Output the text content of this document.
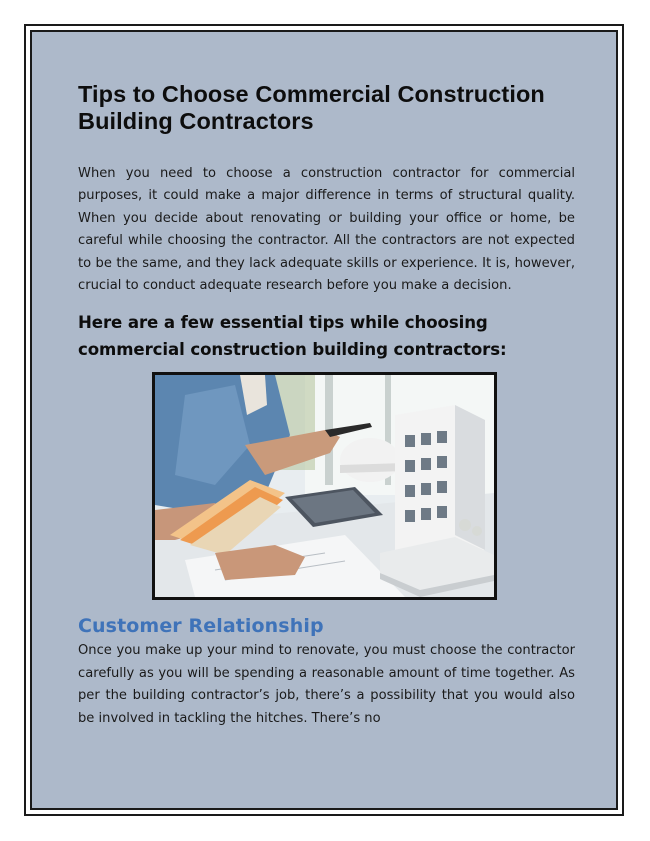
Tips to Choose Commercial Construction Building Contractors

When you need to choose a construction contractor for commercial purposes, it could make a major difference in terms of structural quality. When you decide about renovating or building your office or home, be careful while choosing the contractor. All the contractors are not expected to be the same, and they lack adequate skills or experience. It is, however, crucial to conduct adequate research before you make a decision.

Here are a few essential tips while choosing commercial construction building contractors:
Customer Relationship

Once you make up your mind to renovate, you must choose the contractor carefully as you will be spending a reasonable amount of time together. As per the building contractor’s job, there’s a possibility that you would also be involved in tackling the hitches. There’s no
